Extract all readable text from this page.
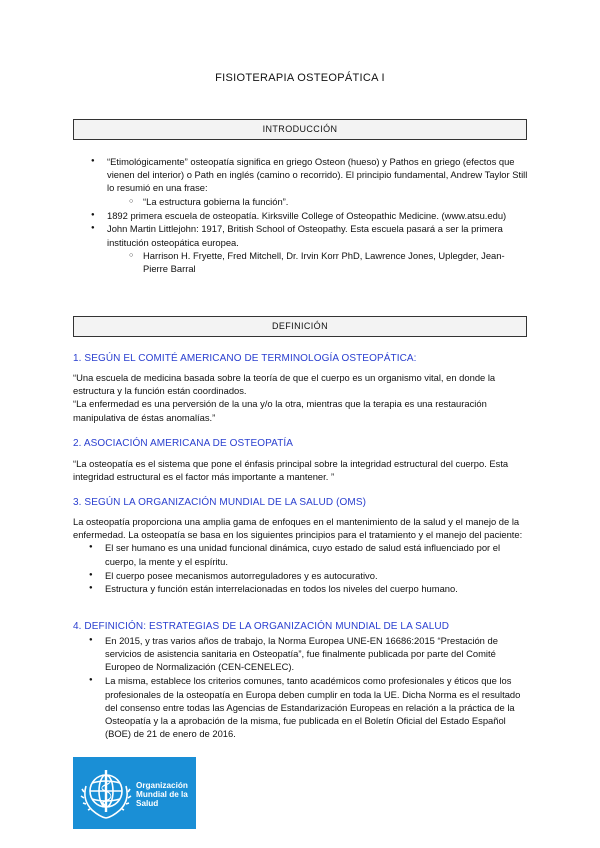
FISIOTERAPIA OSTEOPÁTICA I
INTRODUCCIÓN
● “Etimológicamente” osteopatía significa en griego Osteon (hueso) y Pathos en griego (efectos que vienen del interior) o Path en inglés (camino o recorrido). El principio fundamental, Andrew Taylor Still lo resumió en una frase:
○ “La estructura gobierna la función”.
● 1892 primera escuela de osteopatía. Kirksville College of Osteopathic Medicine. (www.atsu.edu)
● John Martin Littlejohn: 1917, British School of Osteopathy. Esta escuela pasará a ser la primera institución osteopática europea.
○ Harrison H. Fryette, Fred Mitchell, Dr. Irvin Korr PhD, Lawrence Jones, Uplegder, Jean-Pierre Barral
DEFINICIÓN
1. SEGÚN EL COMITÉ AMERICANO DE TERMINOLOGÍA OSTEOPÁTICA:

“Una escuela de medicina basada sobre la teoría de que el cuerpo es un organismo vital, en donde la estructura y la función están coordinados.

“La enfermedad es una perversión de la una y/o la otra, mientras que la terapia es una restauración manipulativa de éstas anomalías.”

2. ASOCIACIÓN AMERICANA DE OSTEOPATÍA

“La osteopatía es el sistema que pone el énfasis principal sobre la integridad estructural del cuerpo. Esta integridad estructural es el factor más importante a mantener. ”

3. SEGÚN LA ORGANIZACIÓN MUNDIAL DE LA SALUD (OMS)

La osteopatía proporciona una amplia gama de enfoques en el mantenimiento de la salud y el manejo de la enfermedad. La osteopatía se basa en los siguientes principios para el tratamiento y el manejo del paciente:

● El ser humano es una unidad funcional dinámica, cuyo estado de salud está influenciado por el cuerpo, la mente y el espíritu.
● El cuerpo posee mecanismos autorreguladores y es autocurativo.
● Estructura y función están interrelacionadas en todos los niveles del cuerpo humano.
4. DEFINICIÓN: ESTRATEGIAS DE LA ORGANIZACIÓN MUNDIAL DE LA SALUD
● En 2015, y tras varios años de trabajo, la Norma Europea UNE-EN 16686:2015 “Prestación de servicios de asistencia sanitaria en Osteopatía”, fue finalmente publicada por parte del Comité Europeo de Normalización (CEN-CENELEC).
● La misma, establece los criterios comunes, tanto académicos como profesionales y éticos que los profesionales de la osteopatía en Europa deben cumplir en toda la UE. Dicha Norma es el resultado del consenso entre todas las Agencias de Estandarización Europeas en relación a la práctica de la Osteopatía y la a aprobación de la misma, fue publicada en el Boletín Oficial del Estado Español (BOE) de 21 de enero de 2016.
Organización
Mundial de la
Salud
